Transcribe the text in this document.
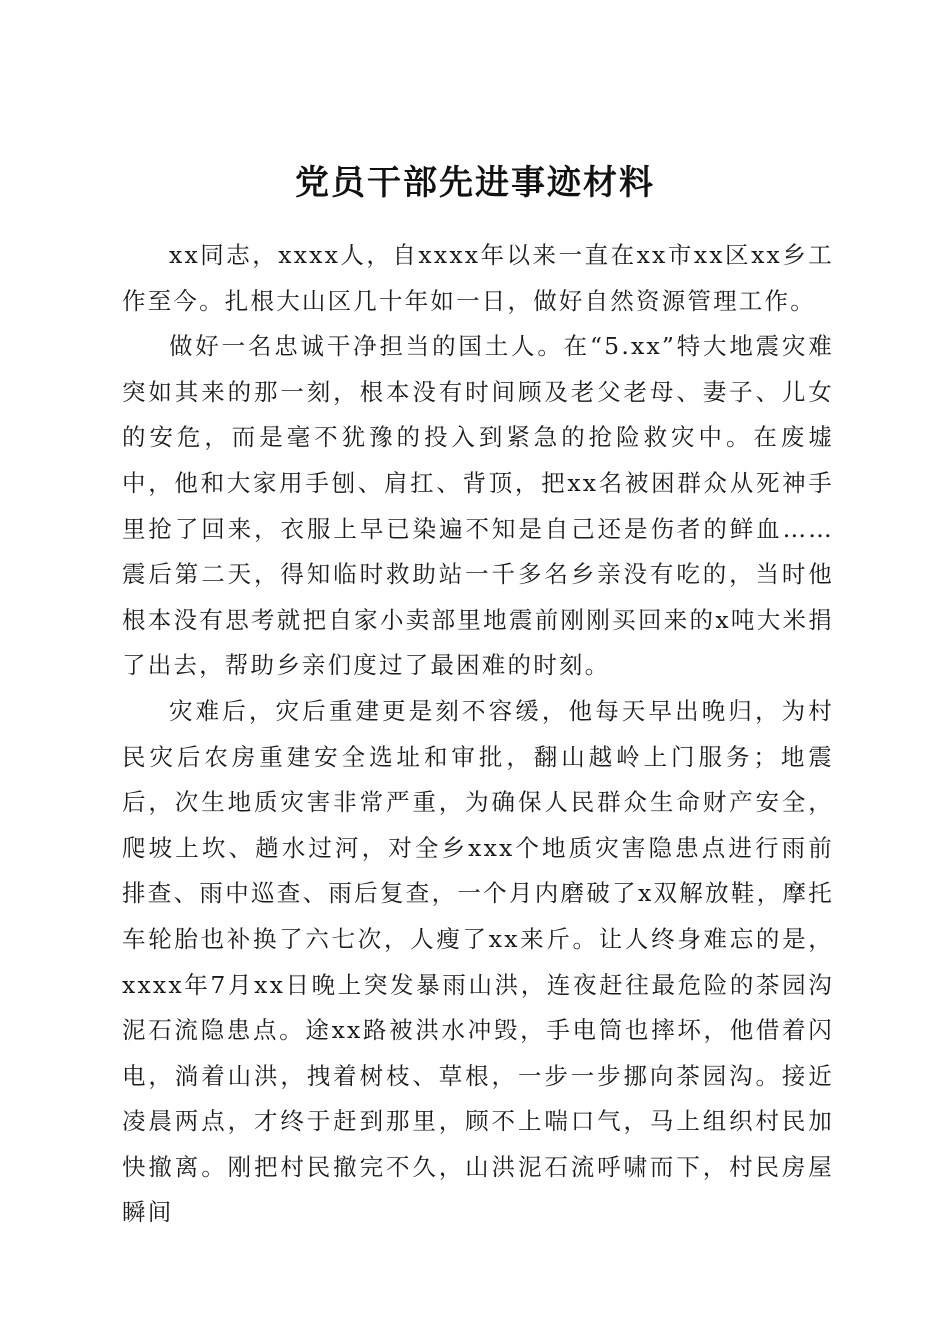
党员干部先进事迹材料

xx同志，xxxx人，自xxxx年以来一直在xx市xx区xx乡工作至今。扎根大山区几十年如一日，做好自然资源管理工作。

做好一名忠诚干净担当的国土人。在“5.xx”特大地震灾难突如其来的那一刻，根本没有时间顾及老父老母、妻子、儿女的安危，而是毫不犹豫的投入到紧急的抢险救灾中。在废墟中，他和大家用手刨、肩扛、背顶，把xx名被困群众从死神手里抢了回来，衣服上早已染遍不知是自己还是伤者的鲜血……震后第二天，得知临时救助站一千多名乡亲没有吃的，当时他根本没有思考就把自家小卖部里地震前刚刚买回来的x吨大米捐了出去，帮助乡亲们度过了最困难的时刻。

灾难后，灾后重建更是刻不容缓，他每天早出晚归，为村民灾后农房重建安全选址和审批，翻山越岭上门服务；地震后，次生地质灾害非常严重，为确保人民群众生命财产安全，爬坡上坎、趟水过河，对全乡xxx个地质灾害隐患点进行雨前排查、雨中巡查、雨后复查，一个月内磨破了x双解放鞋，摩托车轮胎也补换了六七次，人瘦了xx来斤。让人终身难忘的是，xxxx年7月xx日晚上突发暴雨山洪，连夜赶往最危险的茶园沟泥石流隐患点。途xx路被洪水冲毁，手电筒也摔坏，他借着闪电，淌着山洪，拽着树枝、草根，一步一步挪向茶园沟。接近凌晨两点，才终于赶到那里，顾不上喘口气，马上组织村民加快撤离。刚把村民撤完不久，山洪泥石流呼啸而下，村民房屋瞬间
